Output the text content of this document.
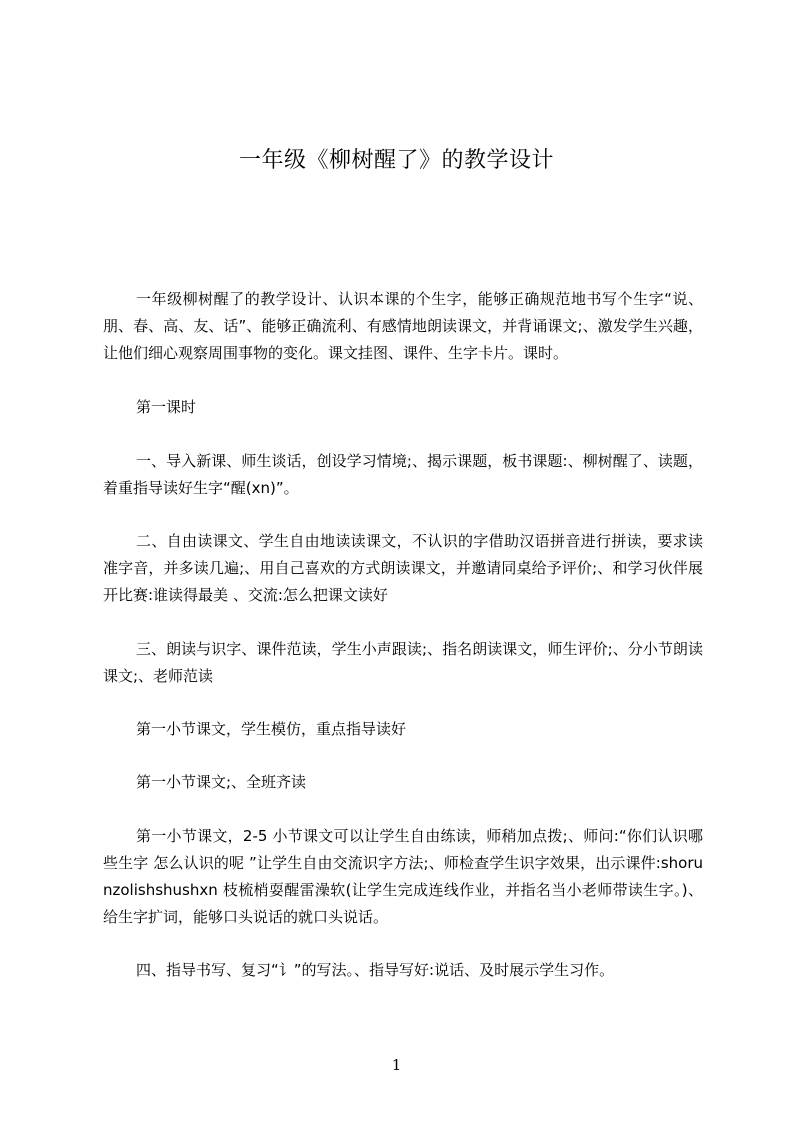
一年级《柳树醒了》的教学设计

一年级柳树醒了的教学设计、认识本课的个生字，能够正确规范地书写个生字“说、朋、春、高、友、话”、能够正确流利、有感情地朗读课文，并背诵课文;、激发学生兴趣，让他们细心观察周围事物的变化。课文挂图、课件、生字卡片。课时。

第一课时

一、导入新课、师生谈话，创设学习情境;、揭示课题，板书课题:、柳树醒了、读题，着重指导读好生字“醒(xn)”。

二、自由读课文、学生自由地读读课文，不认识的字借助汉语拼音进行拼读，要求读准字音，并多读几遍;、用自己喜欢的方式朗读课文，并邀请同桌给予评价;、和学习伙伴展开比赛:谁读得最美 、交流:怎么把课文读好

三、朗读与识字、课件范读，学生小声跟读;、指名朗读课文，师生评价;、分小节朗读课文;、老师范读

第一小节课文，学生模仿，重点指导读好

第一小节课文;、全班齐读

第一小节课文，2-5 小节课文可以让学生自由练读，师稍加点拨;、师问:“你们认识哪些生字 怎么认识的呢 ”让学生自由交流识字方法;、师检查学生识字效果，出示课件:shorunzolishshushxn 枝梳梢耍醒雷澡软(让学生完成连线作业，并指名当小老师带读生字。)、给生字扩词，能够口头说话的就口头说话。

四、指导书写、复习“讠”的写法。、指导写好:说话、及时展示学生习作。

1
